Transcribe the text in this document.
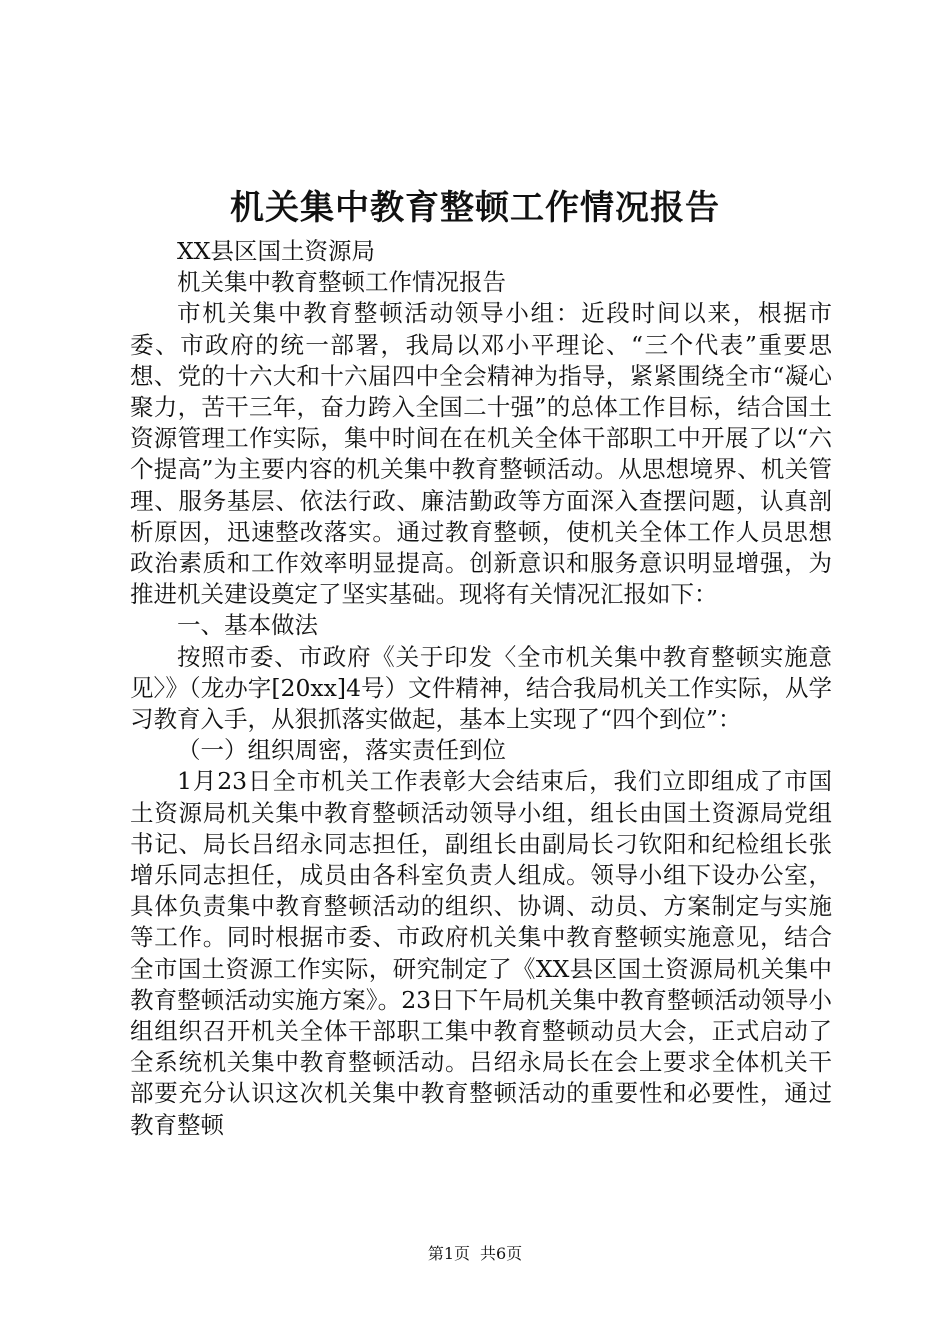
机关集中教育整顿工作情况报告

XX县区国土资源局

机关集中教育整顿工作情况报告

市机关集中教育整顿活动领导小组：近段时间以来，根据市委、市政府的统一部署，我局以邓小平理论、“三个代表”重要思想、党的十六大和十六届四中全会精神为指导，紧紧围绕全市“凝心聚力，苦干三年，奋力跨入全国二十强”的总体工作目标，结合国土资源管理工作实际，集中时间在在机关全体干部职工中开展了以“六个提高”为主要内容的机关集中教育整顿活动。从思想境界、机关管理、服务基层、依法行政、廉洁勤政等方面深入查摆问题，认真剖析原因，迅速整改落实。通过教育整顿，使机关全体工作人员思想政治素质和工作效率明显提高。创新意识和服务意识明显增强，为推进机关建设奠定了坚实基础。现将有关情况汇报如下：

一、基本做法

按照市委、市政府《关于印发〈全市机关集中教育整顿实施意见〉》（龙办字[20xx]4号）文件精神，结合我局机关工作实际，从学习教育入手，从狠抓落实做起，基本上实现了“四个到位”：

（一）组织周密，落实责任到位

1月23日全市机关工作表彰大会结束后，我们立即组成了市国土资源局机关集中教育整顿活动领导小组，组长由国土资源局党组书记、局长吕绍永同志担任，副组长由副局长刁钦阳和纪检组长张增乐同志担任，成员由各科室负责人组成。领导小组下设办公室，具体负责集中教育整顿活动的组织、协调、动员、方案制定与实施等工作。同时根据市委、市政府机关集中教育整顿实施意见，结合全市国土资源工作实际，研究制定了《XX县区国土资源局机关集中教育整顿活动实施方案》。23日下午局机关集中教育整顿活动领导小组组织召开机关全体干部职工集中教育整顿动员大会，正式启动了全系统机关集中教育整顿活动。吕绍永局长在会上要求全体机关干部要充分认识这次机关集中教育整顿活动的重要性和必要性，通过教育整顿

第1页 共6页
